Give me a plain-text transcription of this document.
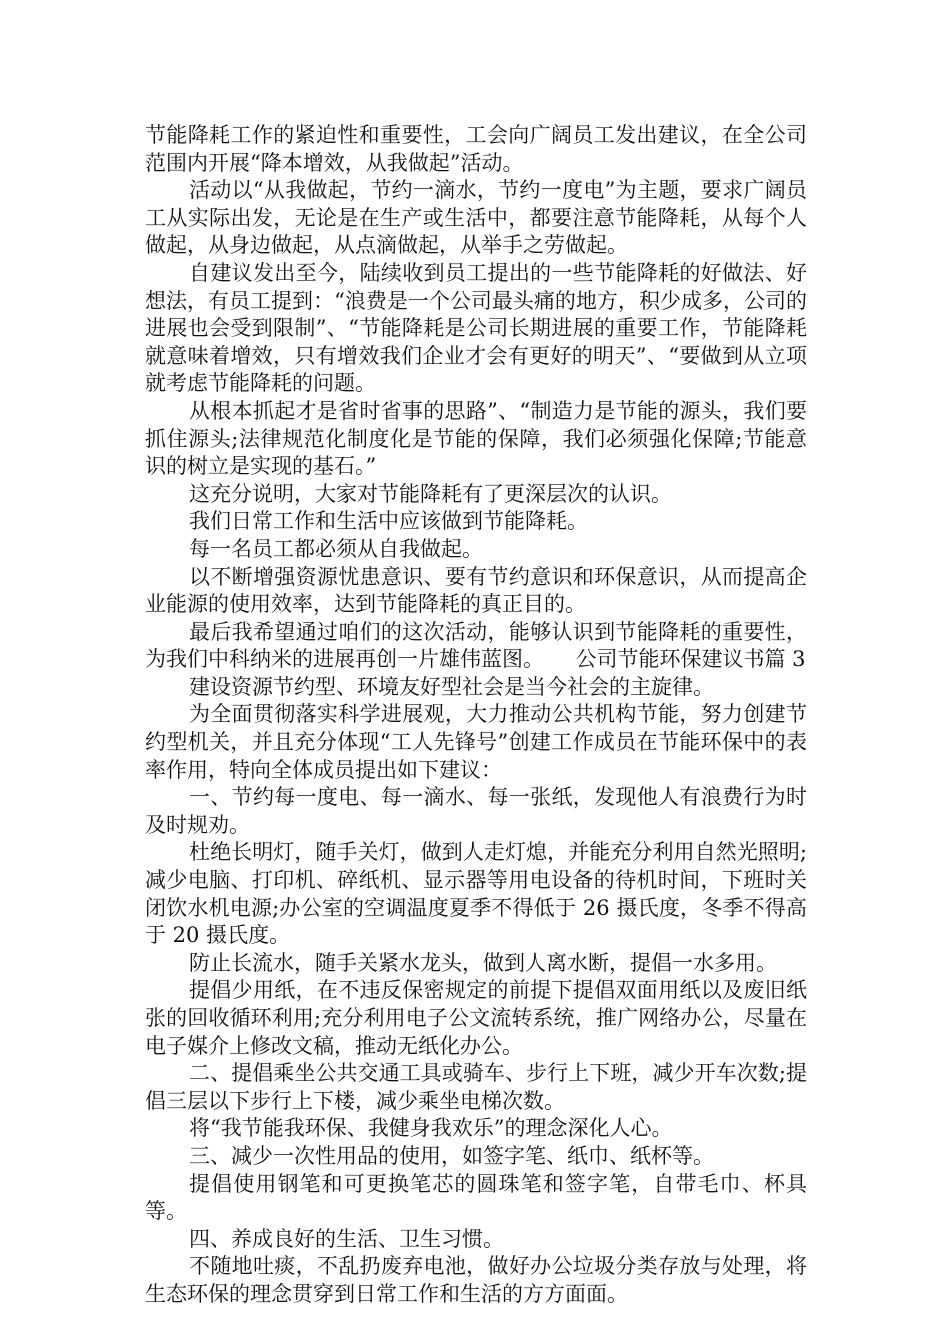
节能降耗工作的紧迫性和重要性，工会向广阔员工发出建议，在全公司范围内开展“降本增效，从我做起”活动。

活动以“从我做起，节约一滴水，节约一度电”为主题，要求广阔员工从实际出发，无论是在生产或生活中，都要注意节能降耗，从每个人做起，从身边做起，从点滴做起，从举手之劳做起。

自建议发出至今，陆续收到员工提出的一些节能降耗的好做法、好想法，有员工提到：“浪费是一个公司最头痛的地方，积少成多，公司的进展也会受到限制”、“节能降耗是公司长期进展的重要工作，节能降耗就意味着增效，只有增效我们企业才会有更好的明天”、“要做到从立项就考虑节能降耗的问题。

从根本抓起才是省时省事的思路”、“制造力是节能的源头，我们要抓住源头;法律规范化制度化是节能的保障，我们必须强化保障;节能意识的树立是实现的基石。”

这充分说明，大家对节能降耗有了更深层次的认识。

我们日常工作和生活中应该做到节能降耗。

每一名员工都必须从自我做起。

以不断增强资源忧患意识、要有节约意识和环保意识，从而提高企业能源的使用效率，达到节能降耗的真正目的。

最后我希望通过咱们的这次活动，能够认识到节能降耗的重要性，为我们中科纳米的进展再创一片雄伟蓝图。　　公司节能环保建议书篇 3

建设资源节约型、环境友好型社会是当今社会的主旋律。

为全面贯彻落实科学进展观，大力推动公共机构节能，努力创建节约型机关，并且充分体现“工人先锋号”创建工作成员在节能环保中的表率作用，特向全体成员提出如下建议：

一、节约每一度电、每一滴水、每一张纸，发现他人有浪费行为时及时规劝。

杜绝长明灯，随手关灯，做到人走灯熄，并能充分利用自然光照明;减少电脑、打印机、碎纸机、显示器等用电设备的待机时间，下班时关闭饮水机电源;办公室的空调温度夏季不得低于 26 摄氏度，冬季不得高于 20 摄氏度。

防止长流水，随手关紧水龙头，做到人离水断，提倡一水多用。

提倡少用纸，在不违反保密规定的前提下提倡双面用纸以及废旧纸张的回收循环利用;充分利用电子公文流转系统，推广网络办公，尽量在电子媒介上修改文稿，推动无纸化办公。

二、提倡乘坐公共交通工具或骑车、步行上下班，减少开车次数;提倡三层以下步行上下楼，减少乘坐电梯次数。

将“我节能我环保、我健身我欢乐”的理念深化人心。

三、减少一次性用品的使用，如签字笔、纸巾、纸杯等。

提倡使用钢笔和可更换笔芯的圆珠笔和签字笔，自带毛巾、杯具等。

四、养成良好的生活、卫生习惯。

不随地吐痰，不乱扔废弃电池，做好办公垃圾分类存放与处理，将生态环保的理念贯穿到日常工作和生活的方方面面。
